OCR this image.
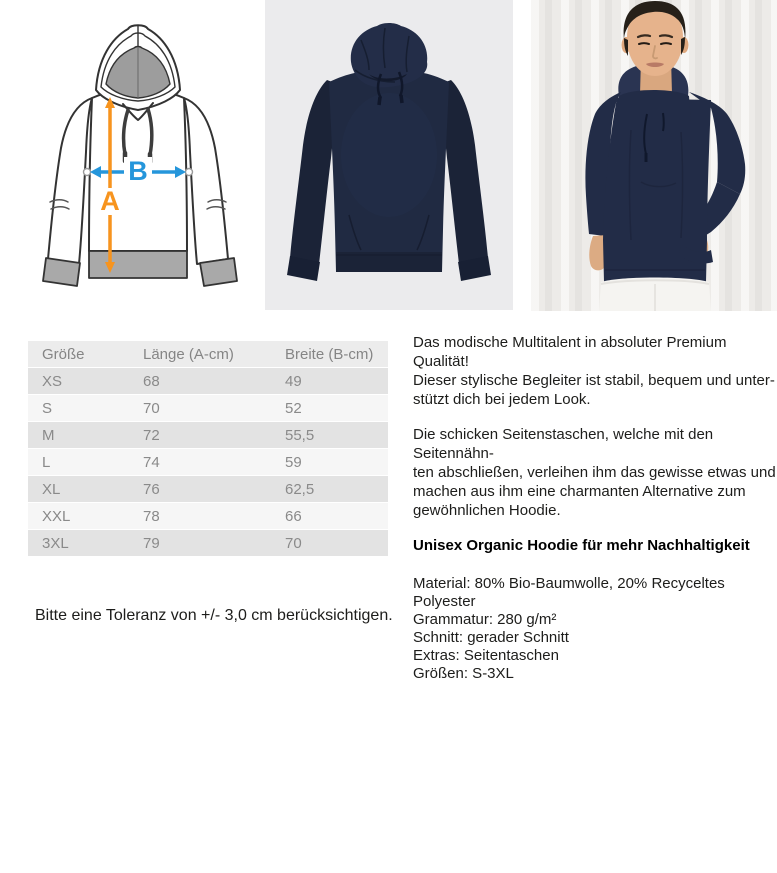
B
A
Größe	Länge (A-cm)	Breite (B-cm)
XS	68	49
S	70	52
M	72	55,5
L	74	59
XL	76	62,5
XXL	78	66
3XL	79	70
Das modische Multitalent in absoluter Premium Qualität!
Dieser stylische Begleiter ist stabil, bequem und unter-
stützt dich bei jedem Look.
Die schicken Seitenstaschen, welche mit den Seitennähn-
ten abschließen, verleihen ihm das gewisse etwas und
machen aus ihm eine charmanten Alternative zum
gewöhnlichen Hoodie.
Unisex Organic Hoodie für mehr Nachhaltigkeit
Material: 80% Bio-Baumwolle, 20% Recyceltes Polyester
Grammatur: 280 g/m²
Schnitt: gerader Schnitt
Extras: Seitentaschen
Größen: S-3XL
Bitte eine Toleranz von +/- 3,0 cm berücksichtigen.
